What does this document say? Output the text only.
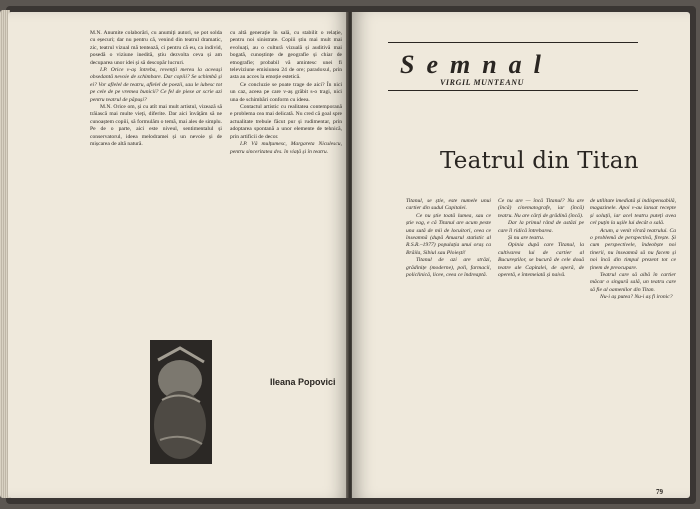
M.N. Anumite colaborări, cu anumiți autori, se pot solda cu eșecuri; dar nu pentru că, venind din teatrul dramatic, zic, teatrul vizual mă tentează, ci pentru că eu, ca individ, posedă o viziune inedită, știu dezvolta ceva și am decuparea unor idei și să descopăr lucruri.

I.P. Orice v-aș întreba, revenții mereu la aceeași obsedantă nevoie de schimbare. Dar copiii? Se schimbă și ei? Vor aflelel de teatru, aflelel de poezii, sau le iubesc tot pe cele de pe vremea bunicii? Ce fel de piese ar scrie azi pentru teatrul de păpuși?

M.N. Orice om, și cu atît mai mult artistul, vizează să trăiască mai multe vieți, diferite. Dar aici învățăm să ne cunoaștem copiii, să formulăm o temă, mai ales de simplu. Pe de o parte, aici este niveul, sentimentalul și conservatorul, ideea melodramei și un nevoie și de mișcarea de altă natură.

cu altă generație în sală, cu stabilit o relație, pentru noi sinistrate. Copiii știu mai mult mai evoluați, au o cultură vizuală și auditivă mai bogată, cunoștințe de geografie și chiar de etnografie; probabil vă amintesc unei fi televiziune emisiunea 24 de ore; paradoxul, prin asta au acces la emoție estetică.

Ce concluzie se poate trage de aici? În nici un caz, aceea pe care v-aș grăbit s-o tragi, nici una de schimbări conform cu ideea.

Contactul artistic cu realitatea contemporană e problema cea mai delicată. Nu cred că goal spre actualitate trebuie făcut pur și rudimentar, prin adoptarea spontană a unor elemente de tehnică, prin artificii de decor.

I.P. Vă mulțumesc, Margareta Niculescu, pentru sinceritatea dvs. în viață și în teatru.

Ileana Popovici
Semnal
VIRGIL MUNTEANU
Teatrul din Titan

Titanul, se știe, este numele unui cartier din sudul Capitalei.

Ce nu știe toată lumea, sau ce știe vag, e că Titanul are acum peste una sută de mii de locuitori, ceea ce înseamnă (după Anuarul statistic al R.S.R.–1977) populația unui oraș ca Brăila, Sibiul sau Ploiești!

Titanul de azi are străzi, grădinițe (moderne), poli, farmacii, policlinică, licee, ceea ce îndreaptă.

Ce nu are — încă Titanul? Nu are (încă) cinematografe, iar (încă) teatru. Nu are cărți de grădină (încă).

Dar la primul rând de astăzi pe care îl ridică întrebarea.

Și nu are teatru.

Opinia după care Titanul, la cultivarea lui de cartier al Bucureștilor, se bucură de cele două teatre ale Capitalei, de operă, de operetă, e întemeiată și naivă.

de utilitate imediată și indispensabilă, magazinele. Apoi v-au lansat recepte și soluții, iar acel teatru puteți avea cel puțin la ușile lui decât o sală.

Acum, a venit vîrstă teatrului. Ca o problemă de perspectivă, firește. Și cum perspectivele, îndeobște noi tinerii, nu înseamnă să nu facem și noi încă din timpul prezent tot ce ținem de preocupare.

Teatrul care să aibă în cartier măcar o singură sală, un teatru care să fie al oamenilor din Titan.

Nu-i aș putea? Nu-i aș fi ironic?

79
